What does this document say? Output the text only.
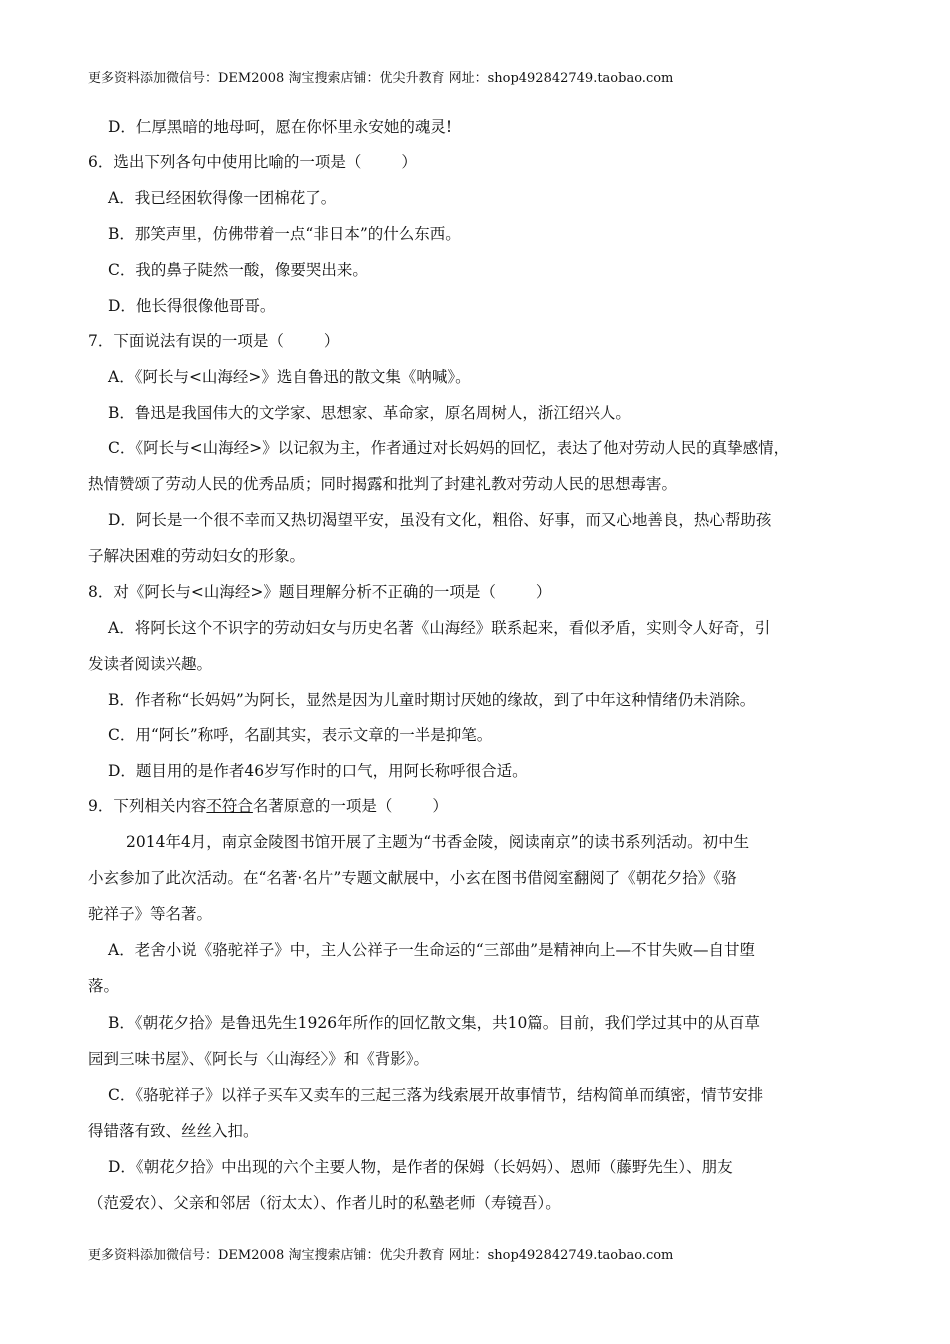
更多资料添加微信号：DEM2008 淘宝搜索店铺：优尖升教育 网址：shop492842749.taobao.com
D．仁厚黑暗的地母呵，愿在你怀里永安她的魂灵!
6．选出下列各句中使用比喻的一项是（	）
A．我已经困软得像一团棉花了。
B．那笑声里，仿佛带着一点“非日本”的什么东西。
C．我的鼻子陡然一酸，像要哭出来。
D．他长得很像他哥哥。
7．下面说法有误的一项是（	）
A．《阿长与<山海经>》选自鲁迅的散文集《呐喊》。
B．鲁迅是我国伟大的文学家、思想家、革命家，原名周树人，浙江绍兴人。
C．《阿长与<山海经>》以记叙为主，作者通过对长妈妈的回忆，表达了他对劳动人民的真挚感情，
热情赞颂了劳动人民的优秀品质；同时揭露和批判了封建礼教对劳动人民的思想毒害。
D．阿长是一个很不幸而又热切渴望平安，虽没有文化，粗俗、好事，而又心地善良，热心帮助孩
子解决困难的劳动妇女的形象。
8．对《阿长与<山海经>》题目理解分析不正确的一项是（	）
A．将阿长这个不识字的劳动妇女与历史名著《山海经》联系起来，看似矛盾，实则令人好奇，引
发读者阅读兴趣。
B．作者称“长妈妈”为阿长，显然是因为儿童时期讨厌她的缘故，到了中年这种情绪仍未消除。
C．用“阿长”称呼，名副其实，表示文章的一半是抑笔。
D．题目用的是作者46岁写作时的口气，用阿长称呼很合适。
9．下列相关内容不符合名著原意的一项是（	）
2014年4月，南京金陵图书馆开展了主题为“书香金陵，阅读南京”的读书系列活动。初中生
小玄参加了此次活动。在“名著·名片”专题文献展中，小玄在图书借阅室翻阅了《朝花夕拾》《骆
驼祥子》等名著。
A．老舍小说《骆驼祥子》中，主人公祥子一生命运的“三部曲”是精神向上—不甘失败—自甘堕
落。
B．《朝花夕拾》是鲁迅先生1926年所作的回忆散文集，共10篇。目前，我们学过其中的从百草
园到三味书屋》、《阿长与〈山海经〉》和《背影》。
C．《骆驼祥子》以祥子买车又卖车的三起三落为线索展开故事情节，结构简单而缜密，情节安排
得错落有致、丝丝入扣。
D．《朝花夕拾》中出现的六个主要人物，是作者的保姆（长妈妈）、恩师（藤野先生）、朋友
（范爱农）、父亲和邻居（衍太太）、作者儿时的私塾老师（寿镜吾）。
更多资料添加微信号：DEM2008 淘宝搜索店铺：优尖升教育 网址：shop492842749.taobao.com
